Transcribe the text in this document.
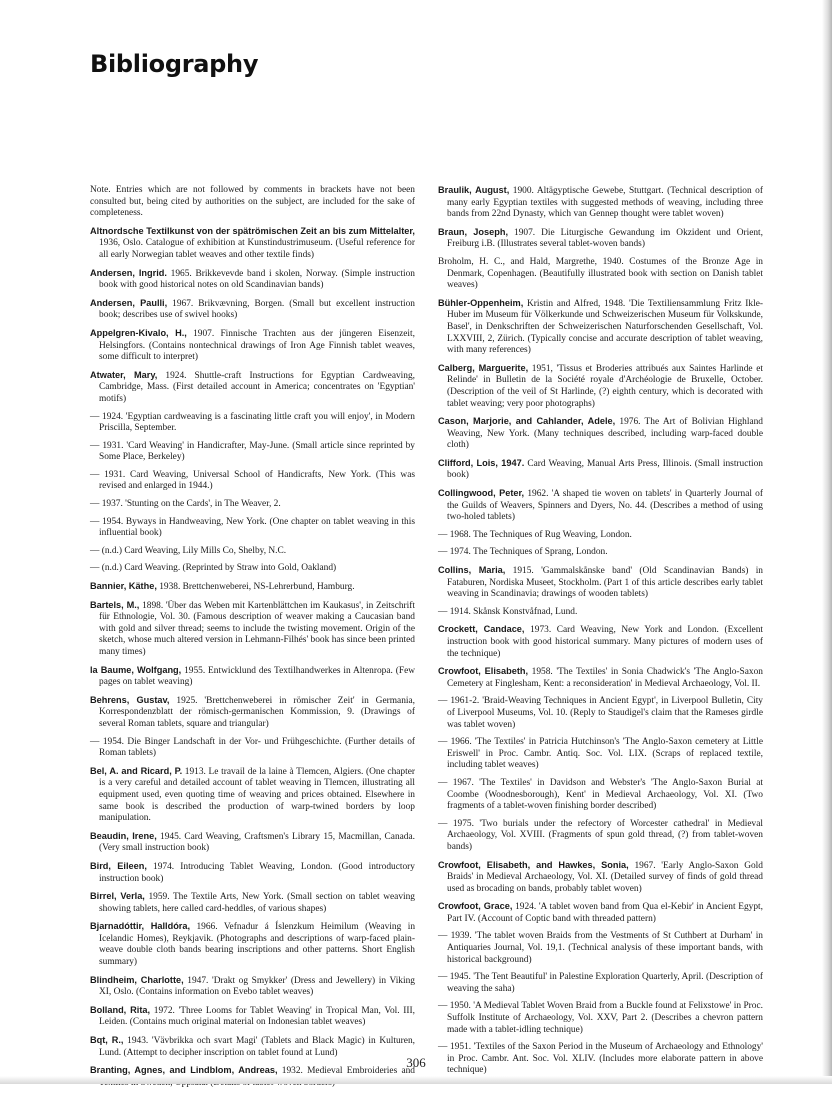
Bibliography

Note. Entries which are not followed by comments in brackets have not been consulted but, being cited by authorities on the subject, are included for the sake of completeness.

Altnordsche Textilkunst von der spätrömischen Zeit an bis zum Mittelalter, 1936, Oslo. Catalogue of exhibition at Kunstindustrimuseum. (Useful reference for all early Norwegian tablet weaves and other textile finds)

Andersen, Ingrid. 1965. Brikkevevde band i skolen, Norway. (Simple instruction book with good historical notes on old Scandinavian bands)

Andersen, Paulli, 1967. Brikvævning, Borgen. (Small but excellent instruction book; describes use of swivel hooks)

Appelgren-Kivalo, H., 1907. Finnische Trachten aus der jüngeren Eisenzeit, Helsingfors. (Contains nontechnical drawings of Iron Age Finnish tablet weaves, some difficult to interpret)

Atwater, Mary, 1924. Shuttle-craft Instructions for Egyptian Cardweaving, Cambridge, Mass. (First detailed account in America; concentrates on 'Egyptian' motifs)

— 1924. 'Egyptian cardweaving is a fascinating little craft you will enjoy', in Modern Priscilla, September.

— 1931. 'Card Weaving' in Handicrafter, May-June. (Small article since reprinted by Some Place, Berkeley)

— 1931. Card Weaving, Universal School of Handicrafts, New York. (This was revised and enlarged in 1944.)

— 1937. 'Stunting on the Cards', in The Weaver, 2.

— 1954. Byways in Handweaving, New York. (One chapter on tablet weaving in this influential book)

— (n.d.) Card Weaving, Lily Mills Co, Shelby, N.C.

— (n.d.) Card Weaving. (Reprinted by Straw into Gold, Oakland)

Bannier, Käthe, 1938. Brettchenweberei, NS-Lehrerbund, Hamburg.

Bartels, M., 1898. 'Über das Weben mit Kartenblättchen im Kaukasus', in Zeitschrift für Ethnologie, Vol. 30. (Famous description of weaver making a Caucasian band with gold and silver thread; seems to include the twisting movement. Origin of the sketch, whose much altered version in Lehmann-Filhés' book has since been printed many times)

la Baume, Wolfgang, 1955. Entwicklund des Textilhandwerkes in Altenropa. (Few pages on tablet weaving)

Behrens, Gustav, 1925. 'Brettchenweberei in römischer Zeit' in Germania, Korrespondenzblatt der römisch-germanischen Kommission, 9. (Drawings of several Roman tablets, square and triangular)

— 1954. Die Binger Landschaft in der Vor- und Frühgeschichte. (Further details of Roman tablets)

Bel, A. and Ricard, P. 1913. Le travail de la laine à Tlemcen, Algiers. (One chapter is a very careful and detailed account of tablet weaving in Tlemcen, illustrating all equipment used, even quoting time of weaving and prices obtained. Elsewhere in same book is described the production of warp-twined borders by loop manipulation.

Beaudin, Irene, 1945. Card Weaving, Craftsmen's Library 15, Macmillan, Canada. (Very small instruction book)

Bird, Eileen, 1974. Introducing Tablet Weaving, London. (Good introductory instruction book)

Birrel, Verla, 1959. The Textile Arts, New York. (Small section on tablet weaving showing tablets, here called card-heddles, of various shapes)

Bjarnadóttir, Halldóra, 1966. Vefnadur á Íslenzkum Heimilum (Weaving in Icelandic Homes), Reykjavik. (Photographs and descriptions of warp-faced plain-weave double cloth bands bearing inscriptions and other patterns. Short English summary)

Blindheim, Charlotte, 1947. 'Drakt og Smykker' (Dress and Jewellery) in Viking XI, Oslo. (Contains information on Evebo tablet weaves)

Bolland, Rita, 1972. 'Three Looms for Tablet Weaving' in Tropical Man, Vol. III, Leiden. (Contains much original material on Indonesian tablet weaves)

Bqt, R., 1943. 'Vävbrikka och svart Magi' (Tablets and Black Magic) in Kulturen, Lund. (Attempt to decipher inscription on tablet found at Lund)

Branting, Agnes, and Lindblom, Andreas, 1932. Medieval Embroideries and

Braulik, August, 1900. Altägyptische Gewebe, Stuttgart. (Technical description of many early Egyptian textiles with suggested methods of weaving, including three bands from 22nd Dynasty, which van Gennep thought were tablet woven)

Braun, Joseph, 1907. Die Liturgische Gewandung im Okzident und Orient, Freiburg i.B. (Illustrates several tablet-woven bands)

Broholm, H. C., and Hald, Margrethe, 1940. Costumes of the Bronze Age in Denmark, Copenhagen. (Beautifully illustrated book with section on Danish tablet weaves)

Bühler-Oppenheim, Kristin and Alfred, 1948. 'Die Textiliensammlung Fritz Ikle-Huber im Museum für Völkerkunde und Schweizerischen Museum für Volkskunde, Basel', in Denkschriften der Schweizerischen Naturforschenden Gesellschaft, Vol. LXXVIII, 2, Zürich. (Typically concise and accurate description of tablet weaving, with many references)

Calberg, Marguerite, 1951, 'Tissus et Broderies attribués aux Saintes Harlinde et Relinde' in Bulletin de la Société royale d'Archéologie de Bruxelle, October. (Description of the veil of St Harlinde, (?) eighth century, which is decorated with tablet weaving; very poor photographs)

Cason, Marjorie, and Cahlander, Adele, 1976. The Art of Bolivian Highland Weaving, New York. (Many techniques described, including warp-faced double cloth)

Clifford, Lois, 1947. Card Weaving, Manual Arts Press, Illinois. (Small instruction book)

Collingwood, Peter, 1962. 'A shaped tie woven on tablets' in Quarterly Journal of the Guilds of Weavers, Spinners and Dyers, No. 44. (Describes a method of using two-holed tablets)

— 1968. The Techniques of Rug Weaving, London.

— 1974. The Techniques of Sprang, London.

Collins, Maria, 1915. 'Gammalskånske band' (Old Scandinavian Bands) in Fataburen, Nordiska Museet, Stockholm. (Part 1 of this article describes early tablet weaving in Scandinavia; drawings of wooden tablets)

— 1914. Skånsk Konstvåfnad, Lund.

Crockett, Candace, 1973. Card Weaving, New York and London. (Excellent instruction book with good historical summary. Many pictures of modern uses of the technique)

Crowfoot, Elisabeth, 1958. 'The Textiles' in Sonia Chadwick's 'The Anglo-Saxon Cemetery at Finglesham, Kent: a reconsideration' in Medieval Archaeology, Vol. II.

— 1961-2. 'Braid-Weaving Techniques in Ancient Egypt', in Liverpool Bulletin, City of Liverpool Museums, Vol. 10. (Reply to Staudigel's claim that the Rameses girdle was tablet woven)

— 1966. 'The Textiles' in Patricia Hutchinson's 'The Anglo-Saxon cemetery at Little Eriswell' in Proc. Cambr. Antiq. Soc. Vol. LIX. (Scraps of replaced textile, including tablet weaves)

— 1967. 'The Textiles' in Davidson and Webster's 'The Anglo-Saxon Burial at Coombe (Woodnesborough), Kent' in Medieval Archaeology, Vol. XI. (Two fragments of a tablet-woven finishing border described)

— 1975. 'Two burials under the refectory of Worcester cathedral' in Medieval Archaeology, Vol. XVIII. (Fragments of spun gold thread, (?) from tablet-woven bands)

Crowfoot, Elisabeth, and Hawkes, Sonia, 1967. 'Early Anglo-Saxon Gold Braids' in Medieval Archaeology, Vol. XI. (Detailed survey of finds of gold thread used as brocading on bands, probably tablet woven)

Crowfoot, Grace, 1924. 'A tablet woven band from Qua el-Kebir' in Ancient Egypt, Part IV. (Account of Coptic band with threaded pattern)

— 1939. 'The tablet woven Braids from the Vestments of St Cuthbert at Durham' in Antiquaries Journal, Vol. 19,1. (Technical analysis of these important bands, with historical background)

— 1945. 'The Tent Beautiful' in Palestine Exploration Quarterly, April. (Description of weaving the saha)

— 1950. 'A Medieval Tablet Woven Braid from a Buckle found at Felixstowe' in Proc. Suffolk Institute of Archaeology, Vol. XXV, Part 2. (Describes a chevron pattern made with a tablet-idling technique)

— 1951. 'Textiles of the Saxon Period in the Museum of Archaeology and Ethnology' in Proc. Cambr. Ant. Soc. Vol. XLIV. (Includes more elaborate pattern in above technique)

306
